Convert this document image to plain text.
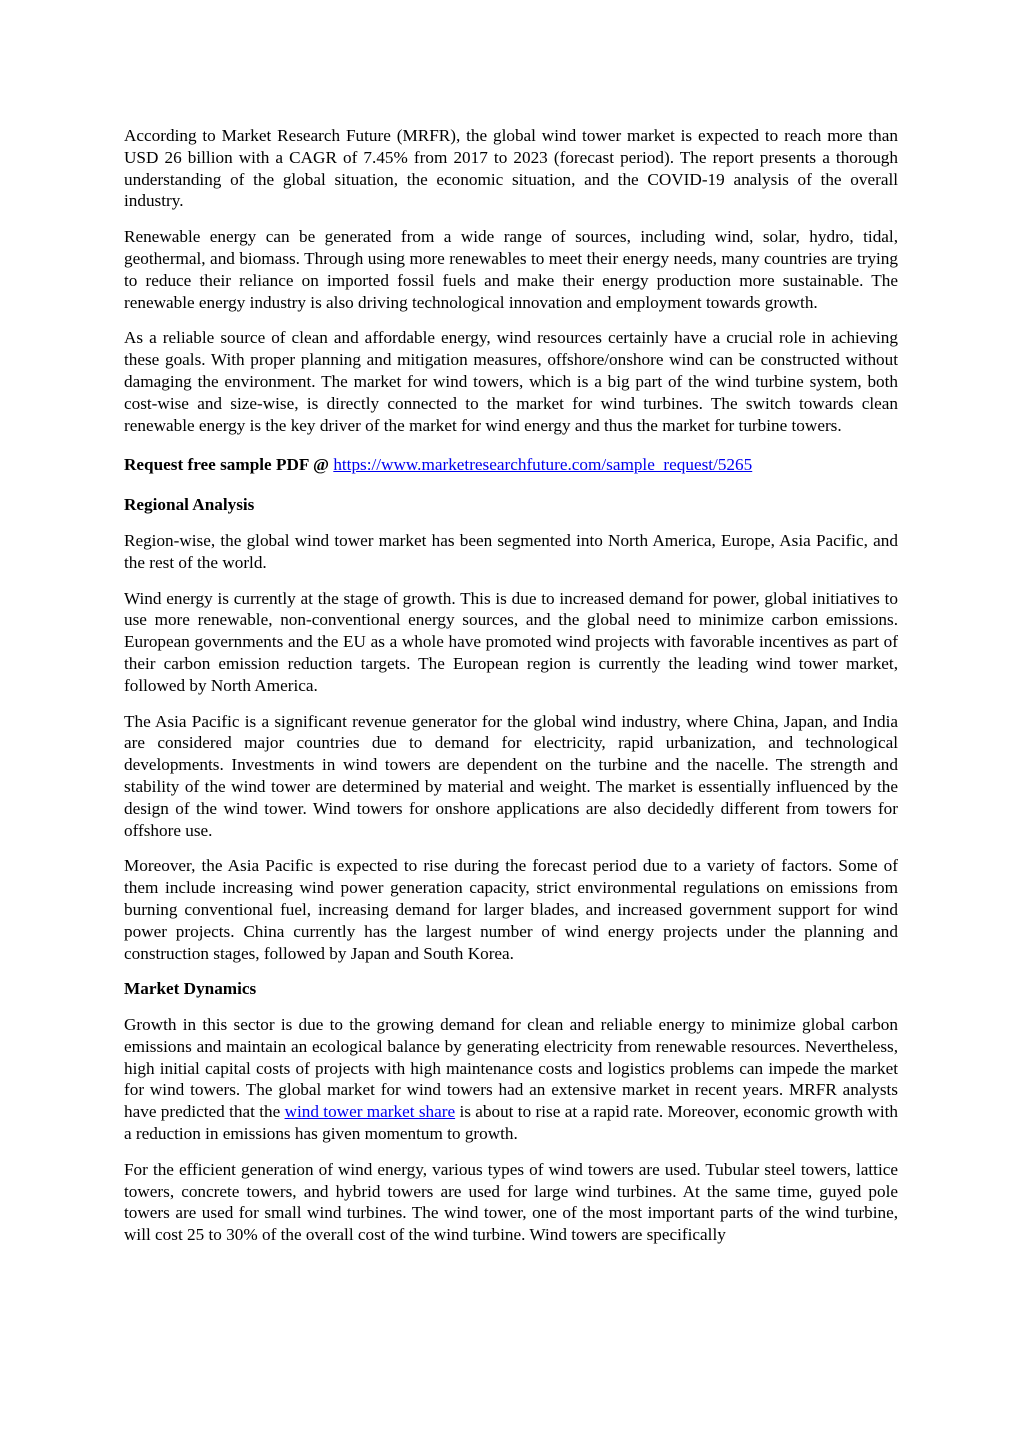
According to Market Research Future (MRFR), the global wind tower market is expected to reach more than USD 26 billion with a CAGR of 7.45% from 2017 to 2023 (forecast period). The report presents a thorough understanding of the global situation, the economic situation, and the COVID-19 analysis of the overall industry.

Renewable energy can be generated from a wide range of sources, including wind, solar, hydro, tidal, geothermal, and biomass. Through using more renewables to meet their energy needs, many countries are trying to reduce their reliance on imported fossil fuels and make their energy production more sustainable. The renewable energy industry is also driving technological innovation and employment towards growth.

As a reliable source of clean and affordable energy, wind resources certainly have a crucial role in achieving these goals. With proper planning and mitigation measures, offshore/onshore wind can be constructed without damaging the environment. The market for wind towers, which is a big part of the wind turbine system, both cost-wise and size-wise, is directly connected to the market for wind turbines. The switch towards clean renewable energy is the key driver of the market for wind energy and thus the market for turbine towers.

Request free sample PDF @ https://www.marketresearchfuture.com/sample_request/5265

Regional Analysis

Region-wise, the global wind tower market has been segmented into North America, Europe, Asia Pacific, and the rest of the world.

Wind energy is currently at the stage of growth. This is due to increased demand for power, global initiatives to use more renewable, non-conventional energy sources, and the global need to minimize carbon emissions. European governments and the EU as a whole have promoted wind projects with favorable incentives as part of their carbon emission reduction targets. The European region is currently the leading wind tower market, followed by North America.

The Asia Pacific is a significant revenue generator for the global wind industry, where China, Japan, and India are considered major countries due to demand for electricity, rapid urbanization, and technological developments. Investments in wind towers are dependent on the turbine and the nacelle. The strength and stability of the wind tower are determined by material and weight. The market is essentially influenced by the design of the wind tower. Wind towers for onshore applications are also decidedly different from towers for offshore use.

Moreover, the Asia Pacific is expected to rise during the forecast period due to a variety of factors. Some of them include increasing wind power generation capacity, strict environmental regulations on emissions from burning conventional fuel, increasing demand for larger blades, and increased government support for wind power projects. China currently has the largest number of wind energy projects under the planning and construction stages, followed by Japan and South Korea.

Market Dynamics

Growth in this sector is due to the growing demand for clean and reliable energy to minimize global carbon emissions and maintain an ecological balance by generating electricity from renewable resources. Nevertheless, high initial capital costs of projects with high maintenance costs and logistics problems can impede the market for wind towers. The global market for wind towers had an extensive market in recent years. MRFR analysts have predicted that the wind tower market share is about to rise at a rapid rate. Moreover, economic growth with a reduction in emissions has given momentum to growth.

For the efficient generation of wind energy, various types of wind towers are used. Tubular steel towers, lattice towers, concrete towers, and hybrid towers are used for large wind turbines. At the same time, guyed pole towers are used for small wind turbines. The wind tower, one of the most important parts of the wind turbine, will cost 25 to 30% of the overall cost of the wind turbine. Wind towers are specifically
